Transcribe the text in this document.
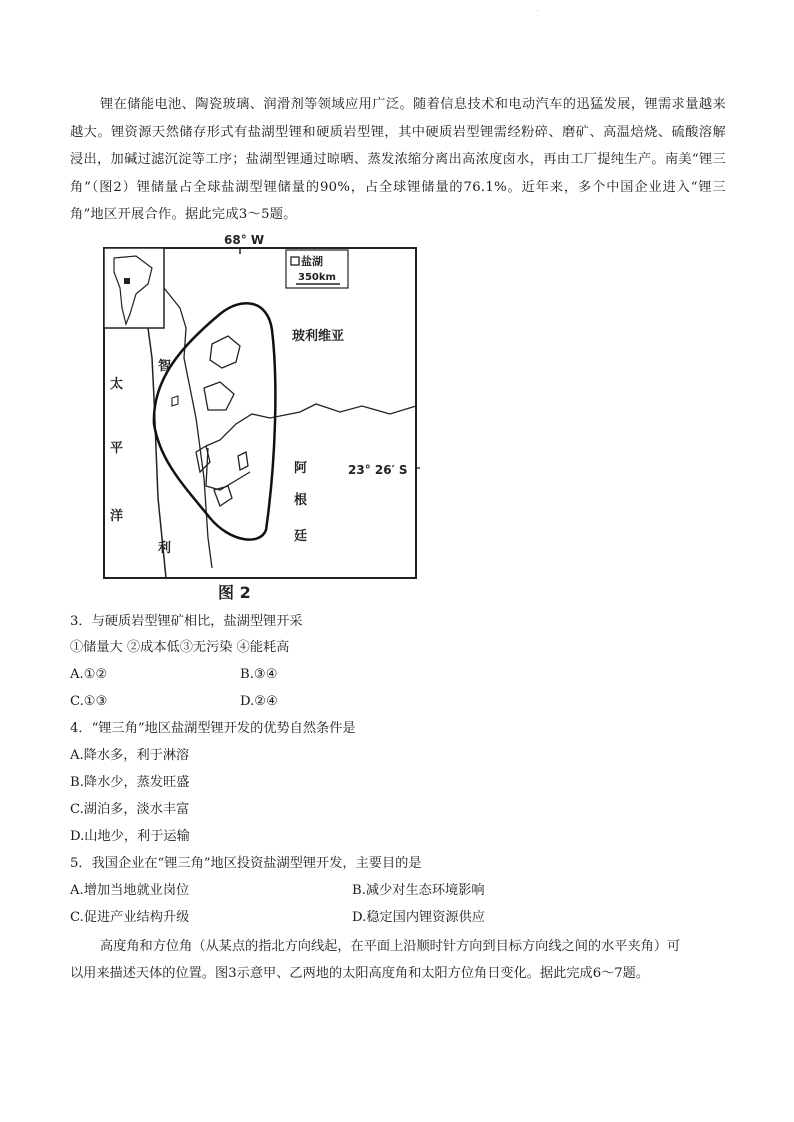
.
锂在储能电池、陶瓷玻璃、润滑剂等领域应用广泛。随着信息技术和电动汽车的迅猛发展，锂需求量越来越大。锂资源天然储存形式有盐湖型锂和硬质岩型锂，其中硬质岩型锂需经粉碎、磨矿、高温焙烧、硫酸溶解浸出，加碱过滤沉淀等工序；盐湖型锂通过晾晒、蒸发浓缩分离出高浓度卤水，再由工厂提纯生产。南美“锂三角”（图2）锂储量占全球盐湖型锂储量的90%，占全球锂储量的76.1%。近年来，多个中国企业进入“锂三角”地区开展合作。据此完成3～5题。
68° W
盐湖
350km
玻利维亚
智
利
太
平
洋
阿
根
廷
23° 26′ S
图 2
3．与硬质岩型锂矿相比，盐湖型锂开采
①储量大 ②成本低③无污染 ④能耗高
A.①②	B.③④
C.①③	D.②④
4．“锂三角”地区盐湖型锂开发的优势自然条件是
A.降水多，利于淋溶
B.降水少，蒸发旺盛
C.湖泊多，淡水丰富
D.山地少，利于运输
5．我国企业在“锂三角”地区投资盐湖型锂开发，主要目的是
A.增加当地就业岗位	B.减少对生态环境影响
C.促进产业结构升级	D.稳定国内锂资源供应
高度角和方位角（从某点的指北方向线起，在平面上沿顺时针方向到目标方向线之间的水平夹角）可
以用来描述天体的位置。图3示意甲、乙两地的太阳高度角和太阳方位角日变化。据此完成6～7题。
